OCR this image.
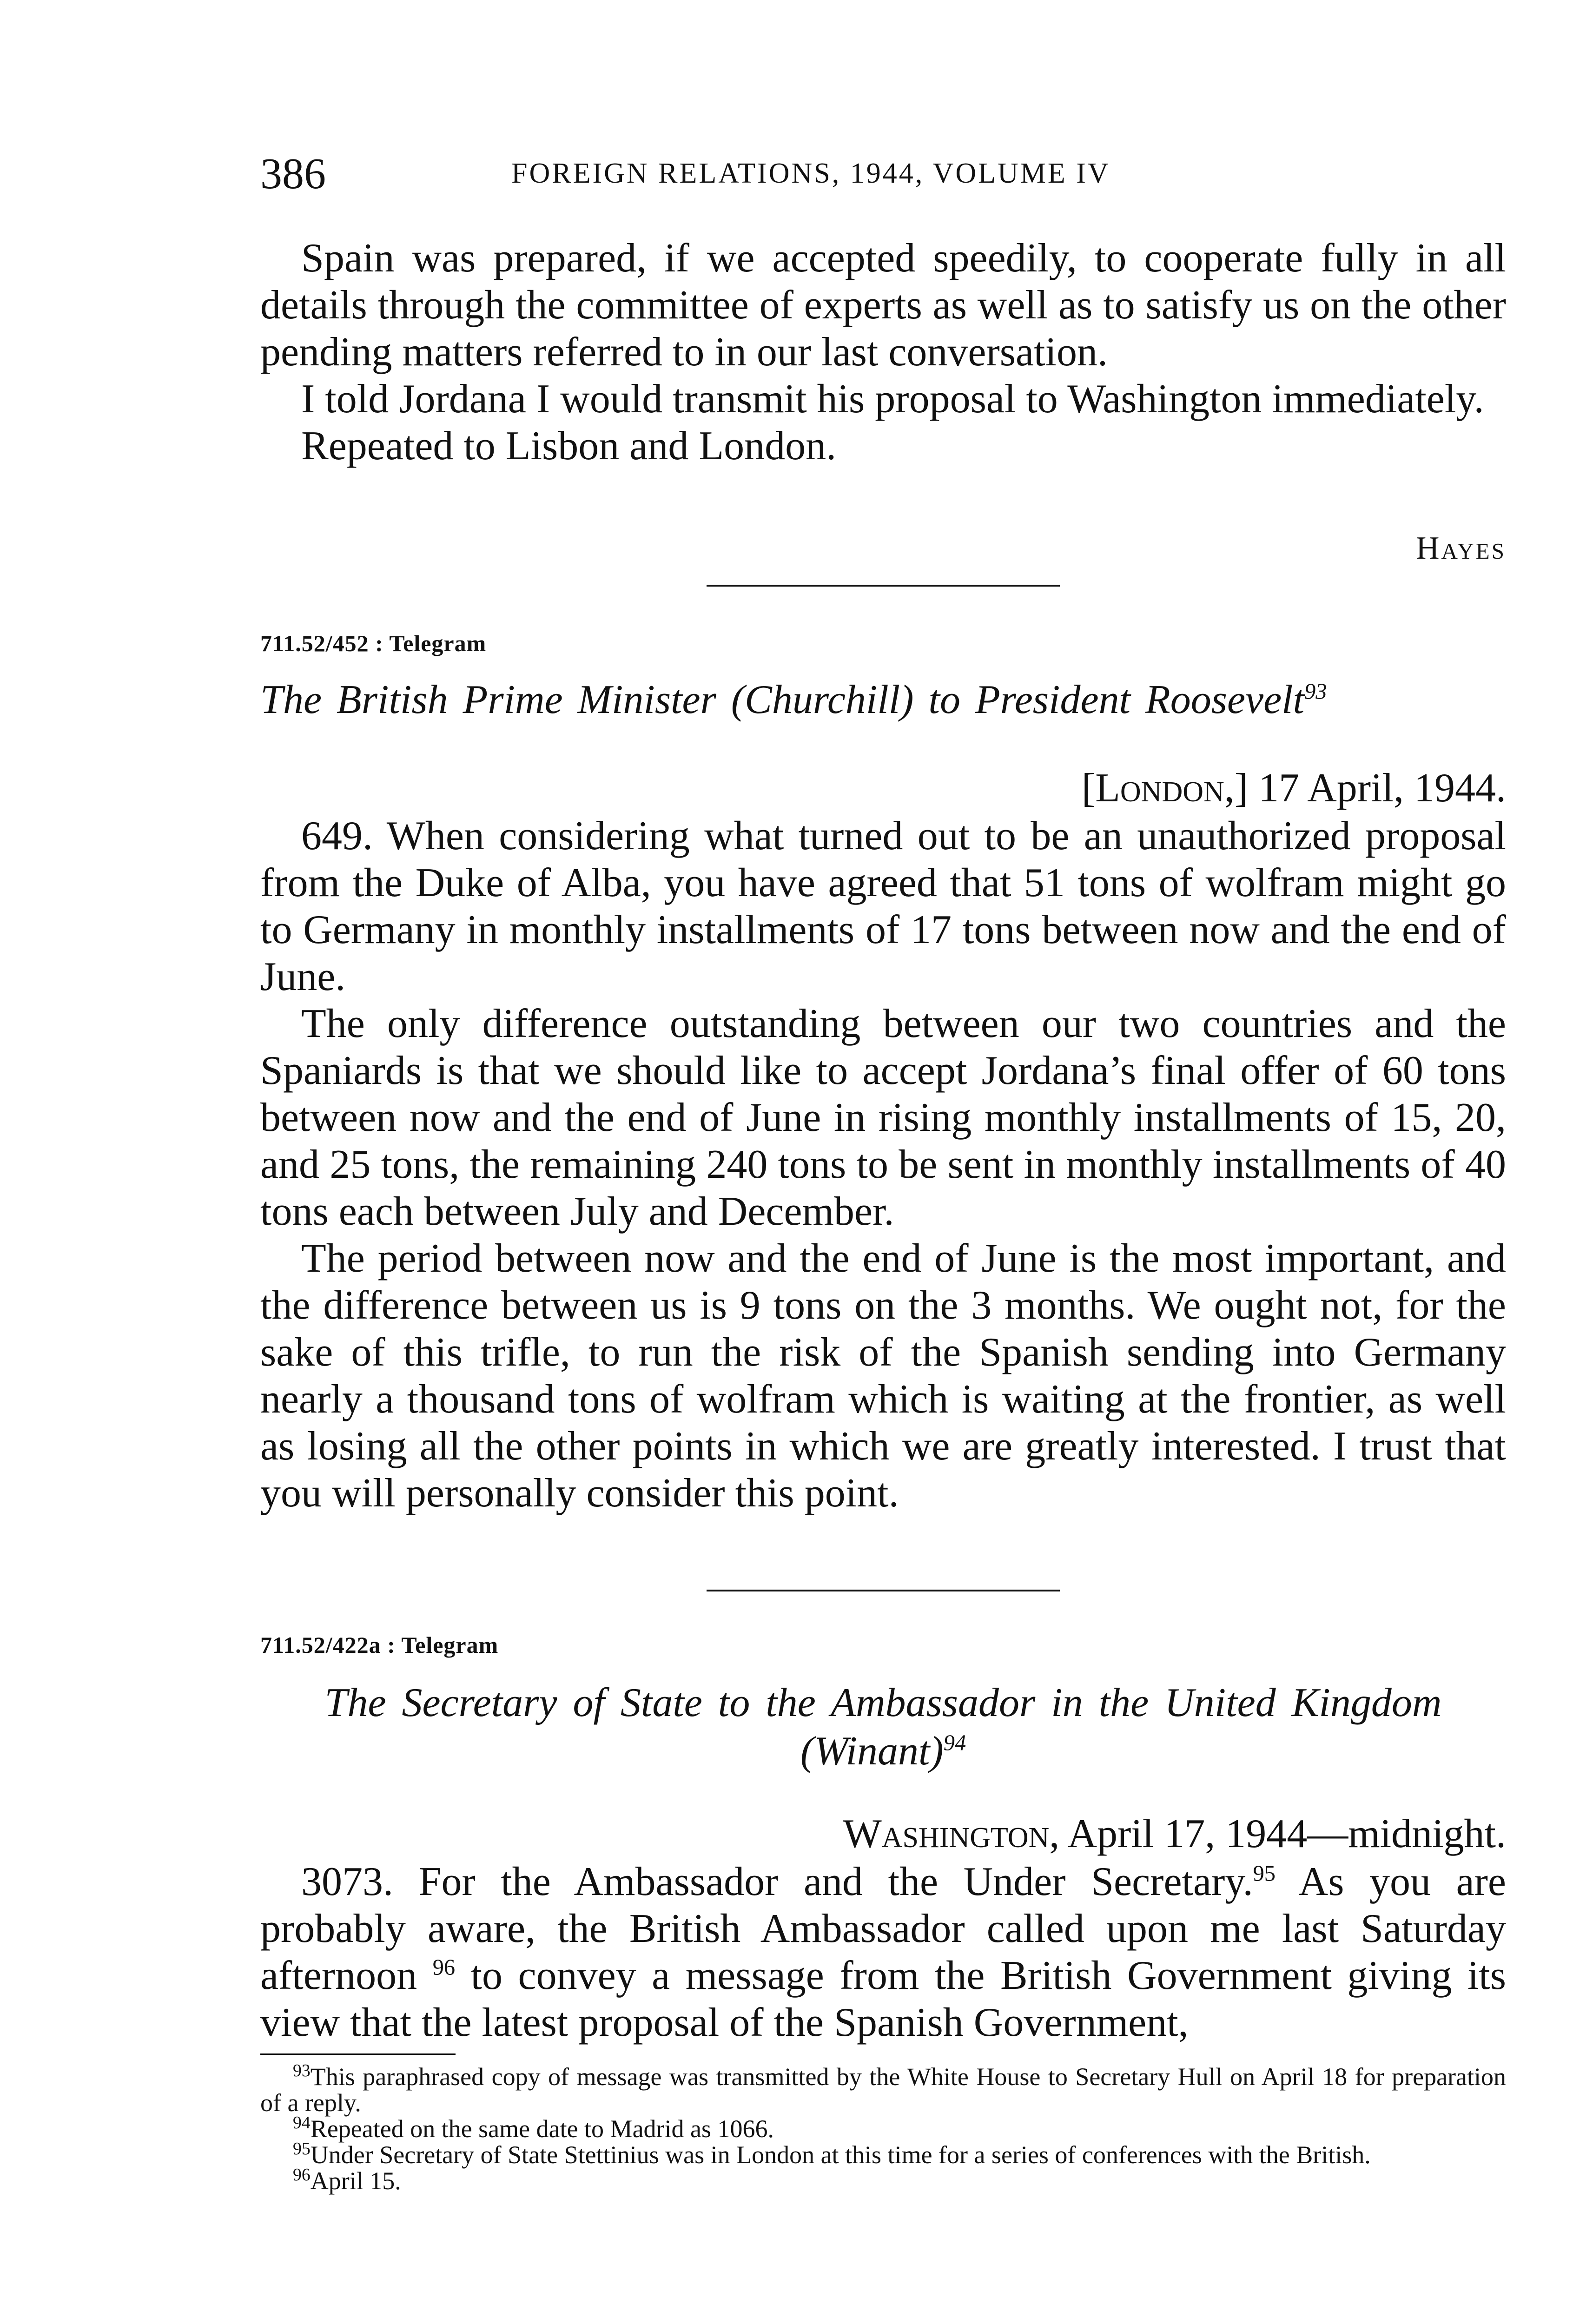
386	FOREIGN RELATIONS, 1944, VOLUME IV

Spain was prepared, if we accepted speedily, to cooperate fully in all details through the committee of experts as well as to satisfy us on the other pending matters referred to in our last conversation.

I told Jordana I would transmit his proposal to Washington immediately.

Repeated to Lisbon and London.

Hayes
711.52/452 : Telegram
The British Prime Minister (Churchill) to President Roosevelt$^{93}$
[London,] 17 April, 1944.

649. When considering what turned out to be an unauthorized proposal from the Duke of Alba, you have agreed that 51 tons of wolfram might go to Germany in monthly installments of 17 tons between now and the end of June.

The only difference outstanding between our two countries and the Spaniards is that we should like to accept Jordana’s final offer of 60 tons between now and the end of June in rising monthly installments of 15, 20, and 25 tons, the remaining 240 tons to be sent in monthly installments of 40 tons each between July and December.

The period between now and the end of June is the most important, and the difference between us is 9 tons on the 3 months. We ought not, for the sake of this trifle, to run the risk of the Spanish sending into Germany nearly a thousand tons of wolfram which is waiting at the frontier, as well as losing all the other points in which we are greatly interested. I trust that you will personally consider this point.

711.52/422a : Telegram
The Secretary of State to the Ambassador in the United Kingdom
(Winant)$^{94}$
Washington, April 17, 1944—midnight.

3073. For the Ambassador and the Under Secretary.$^{95}$ As you are probably aware, the British Ambassador called upon me last Saturday afternoon $^{96}$ to convey a message from the British Government giving its view that the latest proposal of the Spanish Government,

$^{93}$This paraphrased copy of message was transmitted by the White House to Secretary Hull on April 18 for preparation of a reply.

$^{94}$Repeated on the same date to Madrid as 1066.

$^{95}$Under Secretary of State Stettinius was in London at this time for a series of conferences with the British.

$^{96}$April 15.
